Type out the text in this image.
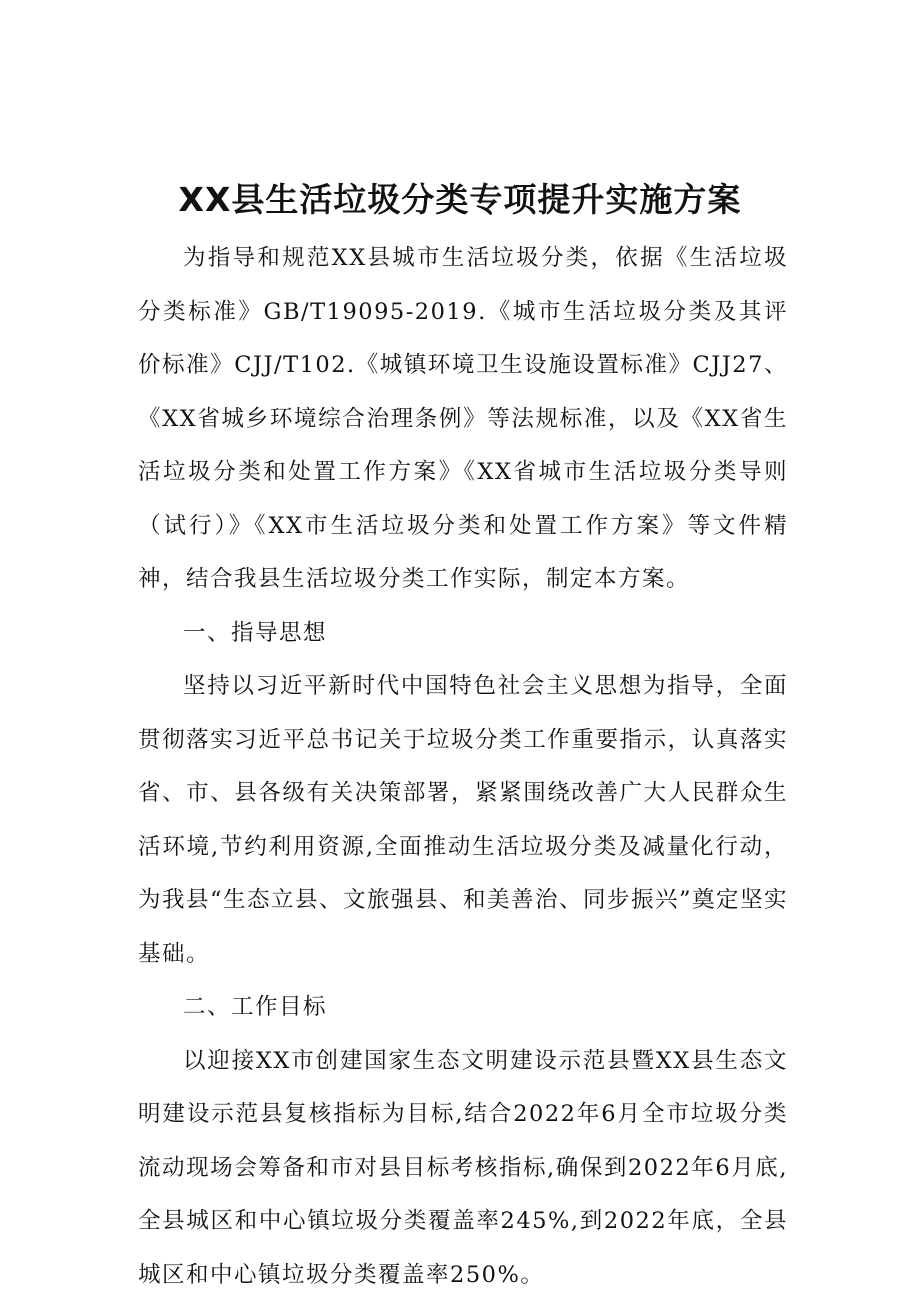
XX县生活垃圾分类专项提升实施方案

为指导和规范XX县城市生活垃圾分类，依据《生活垃圾分类标准》GB/T19095-2019.《城市生活垃圾分类及其评价标准》CJJ/T102.《城镇环境卫生设施设置标准》CJJ27、《XX省城乡环境综合治理条例》等法规标准，以及《XX省生活垃圾分类和处置工作方案》《XX省城市生活垃圾分类导则（试行）》《XX市生活垃圾分类和处置工作方案》等文件精神，结合我县生活垃圾分类工作实际，制定本方案。

一、指导思想

坚持以习近平新时代中国特色社会主义思想为指导，全面贯彻落实习近平总书记关于垃圾分类工作重要指示，认真落实省、市、县各级有关决策部署，紧紧围绕改善广大人民群众生活环境,节约利用资源,全面推动生活垃圾分类及减量化行动，为我县“生态立县、文旅强县、和美善治、同步振兴”奠定坚实基础。

二、工作目标

以迎接XX市创建国家生态文明建设示范县暨XX县生态文明建设示范县复核指标为目标,结合2022年6月全市垃圾分类流动现场会筹备和市对县目标考核指标,确保到2022年6月底,全县城区和中心镇垃圾分类覆盖率245%,到2022年底，全县城区和中心镇垃圾分类覆盖率250%。
